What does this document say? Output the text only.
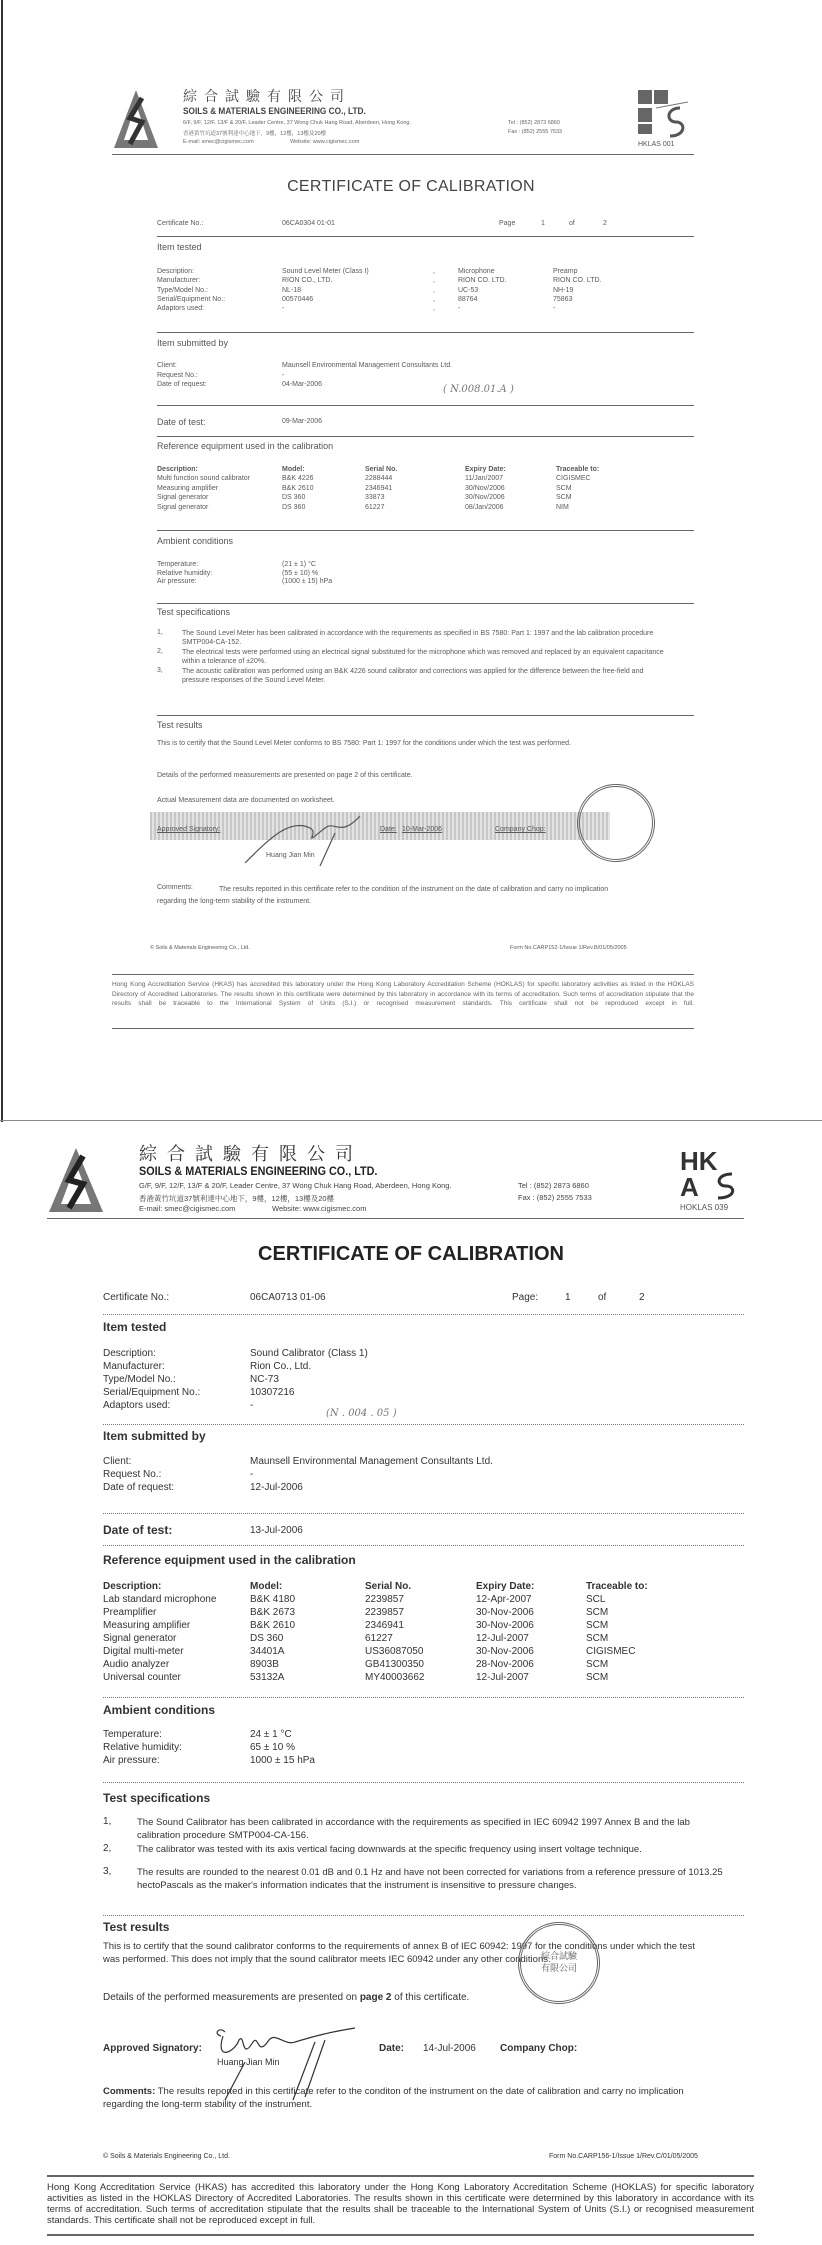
綜合試驗有限公司
SOILS & MATERIALS ENGINEERING CO., LTD.
6/F, 9/F, 12/F, 13/F & 20/F, Leader Centre, 37 Wong Chuk Hang Road, Aberdeen, Hong Kong.
香港黃竹坑道37號利達中心地下，9樓，12樓，13樓及20樓
E-mail: smec@cigismec.com	Website: www.cigismec.com
Tel : (852) 2873 6860
Fax : (852) 2555 7533
HKLAS 001
CERTIFICATE OF CALIBRATION
Certificate No.:	06CA0304 01-01	Page	1	of	2
Item tested
Description:	Sound Level Meter (Class I)	,	Microphone	Preamp
Manufacturer:	RION CO., LTD.	,	RION CO. LTD.	RION CO. LTD.
Type/Model No.:	NL-18	,	UC-53	NH-19
Serial/Equipment No.:	00570446	,	88764	75863
Adaptors used:	-	,	-	-
Item submitted by
Client:	Maunsell Environmental Management Consultants Ltd.
Request No.:	-
Date of request:	04-Mar-2006	( N.008.01.A )
Date of test:	09-Mar-2006
Reference equipment used in the calibration
Description:	Model:	Serial No.	Expiry Date:	Traceable to:
Multi function sound calibrator	B&K 4226	2288444	11/Jan/2007	CIGISMEC
Measuring amplifier	B&K 2610	2346941	30/Nov/2006	SCM
Signal generator	DS 360	33873	30/Nov/2006	SCM
Signal generator	DS 360	61227	08/Jan/2006	NIM
Ambient conditions
Temperature:	(21 ± 1) °C
Relative humidity:	(55 ± 10) %
Air pressure:	(1000 ± 15) hPa
Test specifications
1,	The Sound Level Meter has been calibrated in accordance with the requirements as specified in BS 7580: Part 1: 1997 and the lab calibration procedure SMTP004-CA-152.
2,	The electrical tests were performed using an electrical signal substituted for the microphone which was removed and replaced by an equivalent capacitance within a tolerance of ±20%.
3,	The acoustic calibration was performed using an B&K 4226 sound calibrator and corrections was applied for the difference between the free-field and pressure responses of the Sound Level Meter.
Test results
This is to certify that the Sound Level Meter conforms to BS 7580: Part 1: 1997 for the conditions under which the test was performed.
Details of the performed measurements are presented on page 2 of this certificate.
Actual Measurement data are documented on worksheet.
Approved Signatory:	Date: 10-Mar-2006	Company Chop:
Huang Jian Min
Comments:	The results reported in this certificate refer to the condition of the instrument on the date of calibration and carry no implication regarding the long-term stability of the instrument.
© Soils & Materials Engineering Co., Ltd.	Form No.CARP152-1/Issue 1/Rev.B/01/05/2005
Hong Kong Accreditation Service (HKAS) has accredited this laboratory under the Hong Kong Laboratory Accreditation Scheme (HOKLAS) for specific laboratory activities as listed in the HOKLAS Directory of Accredited Laboratories. The results shown in this certificate were determined by this laboratory in accordance with its terms of accreditation. Such terms of accreditation stipulate that the results shall be traceable to the International System of Units (S.I.) or recognised measurement standards. This certificate shall not be reproduced except in full.
綜合試驗有限公司
SOILS & MATERIALS ENGINEERING CO., LTD.
G/F, 9/F, 12/F, 13/F & 20/F, Leader Centre, 37 Wong Chuk Hang Road, Aberdeen, Hong Kong.
香港黃竹坑道37號利達中心地下，9樓，12樓，13樓及20樓
E-mail: smec@cigismec.com	Website: www.cigismec.com
Tel : (852) 2873 6860
Fax : (852) 2555 7533
HK
A
HOKLAS 039
CERTIFICATE OF CALIBRATION
Certificate No.:	06CA0713 01-06	Page:	1	of	2
Item tested
Description:	Sound Calibrator (Class 1)
Manufacturer:	Rion Co., Ltd.
Type/Model No.:	NC-73
Serial/Equipment No.:	10307216
Adaptors used:	-
(N . 004 . 05 )
Item submitted by
Client:	Maunsell Environmental Management Consultants Ltd.
Request No.:	-
Date of request:	12-Jul-2006
Date of test:	13-Jul-2006
Reference equipment used in the calibration
Description:	Model:	Serial No.	Expiry Date:	Traceable to:
Lab standard microphone	B&K 4180	2239857	12-Apr-2007	SCL
Preamplifier	B&K 2673	2239857	30-Nov-2006	SCM
Measuring amplifier	B&K 2610	2346941	30-Nov-2006	SCM
Signal generator	DS 360	61227	12-Jul-2007	SCM
Digital multi-meter	34401A	US36087050	30-Nov-2006	CIGISMEC
Audio analyzer	8903B	GB41300350	28-Nov-2006	SCM
Universal counter	53132A	MY40003662	12-Jul-2007	SCM
Ambient conditions
Temperature:	24 ± 1 °C
Relative humidity:	65 ± 10 %
Air pressure:	1000 ± 15 hPa
Test specifications
1,	The Sound Calibrator has been calibrated in accordance with the requirements as specified in IEC 60942 1997 Annex B and the lab calibration procedure SMTP004-CA-156.
2,	The calibrator was tested with its axis vertical facing downwards at the specific frequency using insert voltage technique.
3,	The results are rounded to the nearest 0.01 dB and 0.1 Hz and have not been corrected for variations from a reference pressure of 1013.25 hectoPascals as the maker's information indicates that the instrument is insensitive to pressure changes.
Test results
This is to certify that the sound calibrator conforms to the requirements of annex B of IEC 60942: 1997 for the conditions under which the test was performed. This does not imply that the sound calibrator meets IEC 60942 under any other conditions.
Details of the performed measurements are presented on page 2 of this certificate.
綜合試驗有限公司
Approved Signatory:	Date: 14-Jul-2006 Company Chop:
Huang Jian Min
Comments: The results reported in this certificate refer to the conditon of the instrument on the date of calibration and carry no implication regarding the long-term stability of the instrument.
© Soils & Materials Engineering Co., Ltd.	Form No.CARP156-1/Issue 1/Rev.C/01/05/2005
Hong Kong Accreditation Service (HKAS) has accredited this laboratory under the Hong Kong Laboratory Accreditation Scheme (HOKLAS) for specific laboratory activities as listed in the HOKLAS Directory of Accredited Laboratories. The results shown in this certificate were determined by this laboratory in accordance with its terms of accreditation. Such terms of accreditation stipulate that the results shall be traceable to the International System of Units (S.I.) or recognised measurement standards. This certificate shall not be reproduced except in full.
